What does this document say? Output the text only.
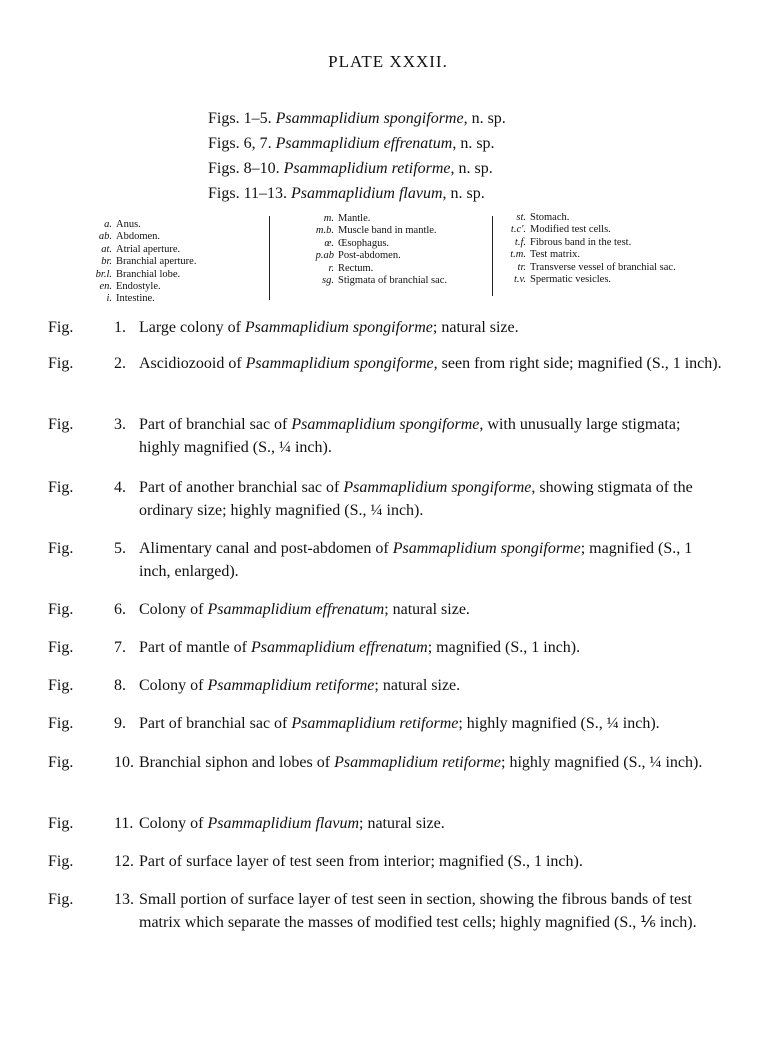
PLATE XXXII.
Figs. 1–5. Psammaplidium spongiforme, n. sp.
Figs. 6, 7. Psammaplidium effrenatum, n. sp.
Figs. 8–10. Psammaplidium retiforme, n. sp.
Figs. 11–13. Psammaplidium flavum, n. sp.
a. Anus.
ab. Abdomen.
at. Atrial aperture.
br. Branchial aperture.
br.l. Branchial lobe.
en. Endostyle.
i. Intestine.
m. Mantle.
m.b. Muscle band in mantle.
œ. Œsophagus.
p.ab Post-abdomen.
r. Rectum.
sg. Stigmata of branchial sac.
st. Stomach.
t.c'. Modified test cells.
t.f. Fibrous band in the test.
t.m. Test matrix.
tr. Transverse vessel of branchial sac.
t.v. Spermatic vesicles.
Fig.	1. Large colony of Psammaplidium spongiforme; natural size.
Fig.	2. Ascidiozooid of Psammaplidium spongiforme, seen from right side; magnified (S., 1 inch).
Fig.	3. Part of branchial sac of Psammaplidium spongiforme, with unusually large stigmata; highly magnified (S., ¼ inch).
Fig.	4. Part of another branchial sac of Psammaplidium spongiforme, showing stigmata of the ordinary size; highly magnified (S., ¼ inch).
Fig.	5. Alimentary canal and post-abdomen of Psammaplidium spongiforme; magnified (S., 1 inch, enlarged).
Fig.	6. Colony of Psammaplidium effrenatum; natural size.
Fig.	7. Part of mantle of Psammaplidium effrenatum; magnified (S., 1 inch).
Fig.	8. Colony of Psammaplidium retiforme; natural size.
Fig.	9. Part of branchial sac of Psammaplidium retiforme; highly magnified (S., ¼ inch).
Fig.	10. Branchial siphon and lobes of Psammaplidium retiforme; highly magnified (S., ¼ inch).
Fig.	11. Colony of Psammaplidium flavum; natural size.
Fig.	12. Part of surface layer of test seen from interior; magnified (S., 1 inch).
Fig.	13. Small portion of surface layer of test seen in section, showing the fibrous bands of test matrix which separate the masses of modified test cells; highly magnified (S., ⅙ inch).
